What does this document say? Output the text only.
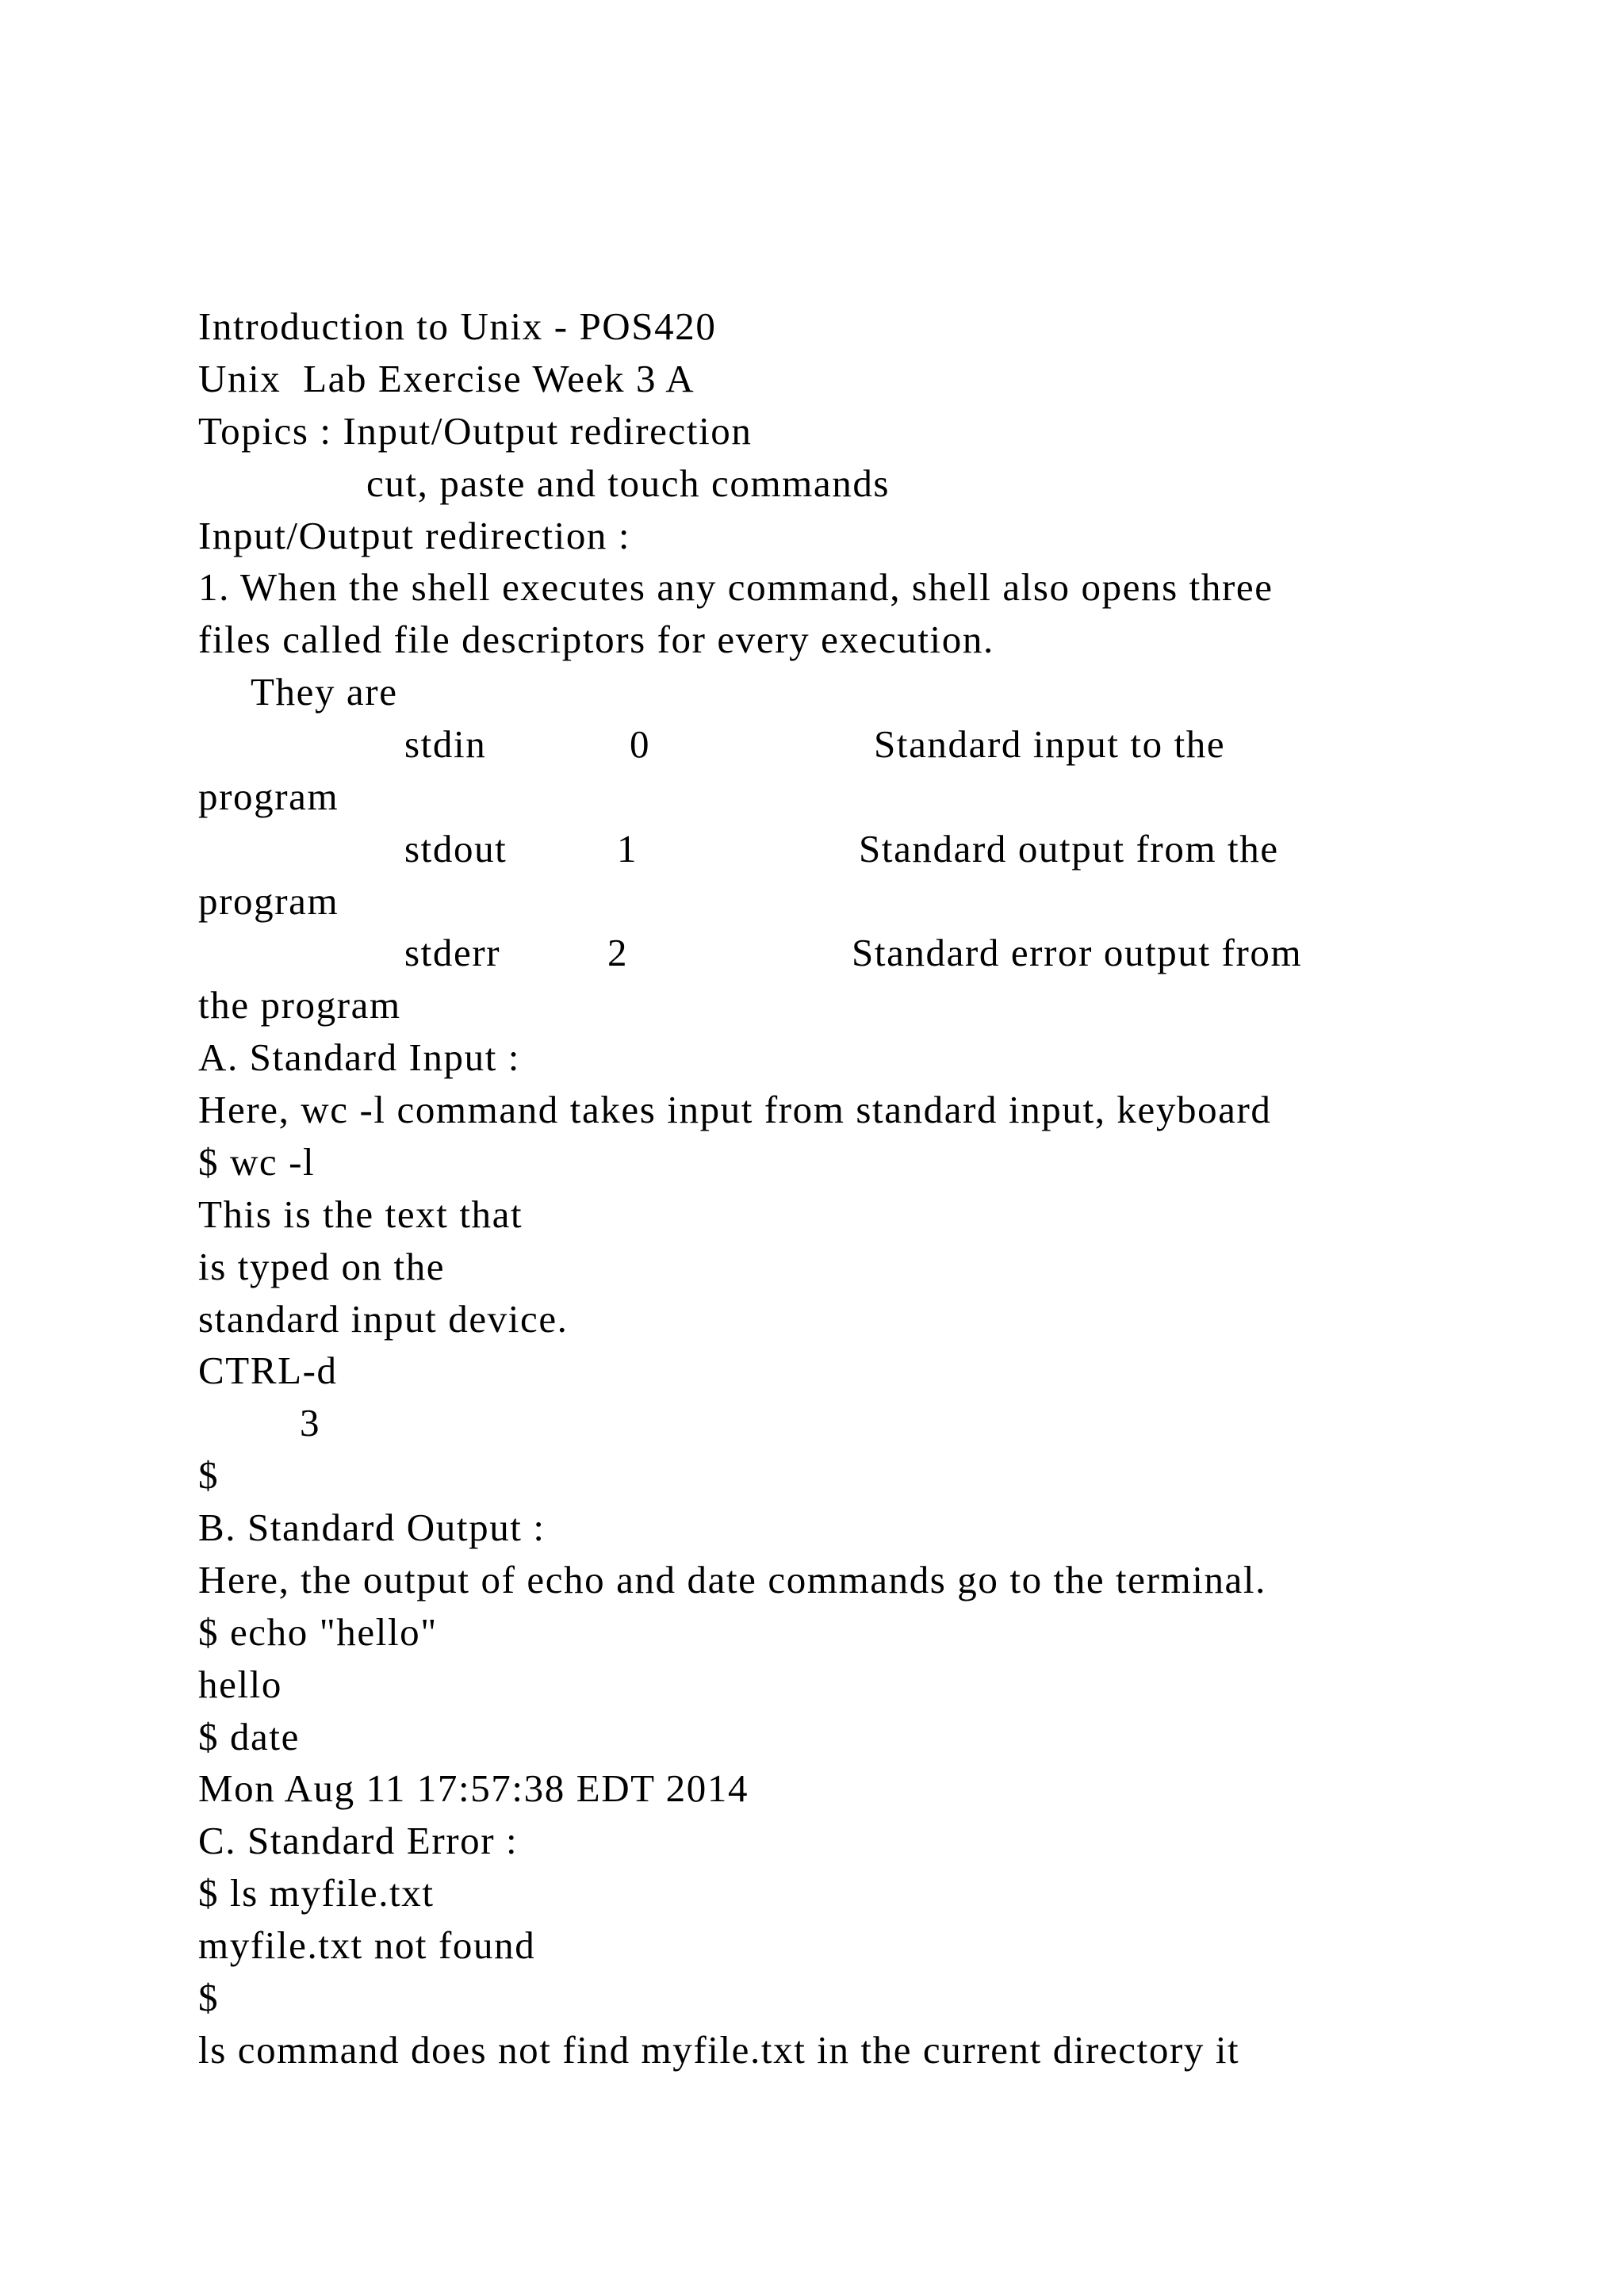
Introduction to Unix - POS420
Unix  Lab Exercise Week 3 A
Topics : Input/Output redirection
cut, paste and touch commands
Input/Output redirection :
1. When the shell executes any command, shell also opens three
files called file descriptors for every execution.
They are
stdin	0	Standard input to the
program
stdout	1	Standard output from the
program
stderr	2	Standard error output from
the program
A. Standard Input :
Here, wc -l command takes input from standard input, keyboard
$ wc -l
This is the text that
is typed on the
standard input device.
CTRL-d
3
$
B. Standard Output :
Here, the output of echo and date commands go to the terminal.
$ echo "hello"
hello
$ date
Mon Aug 11 17:57:38 EDT 2014
C. Standard Error :
$ ls myfile.txt
myfile.txt not found
$
ls command does not find myfile.txt in the current directory it
